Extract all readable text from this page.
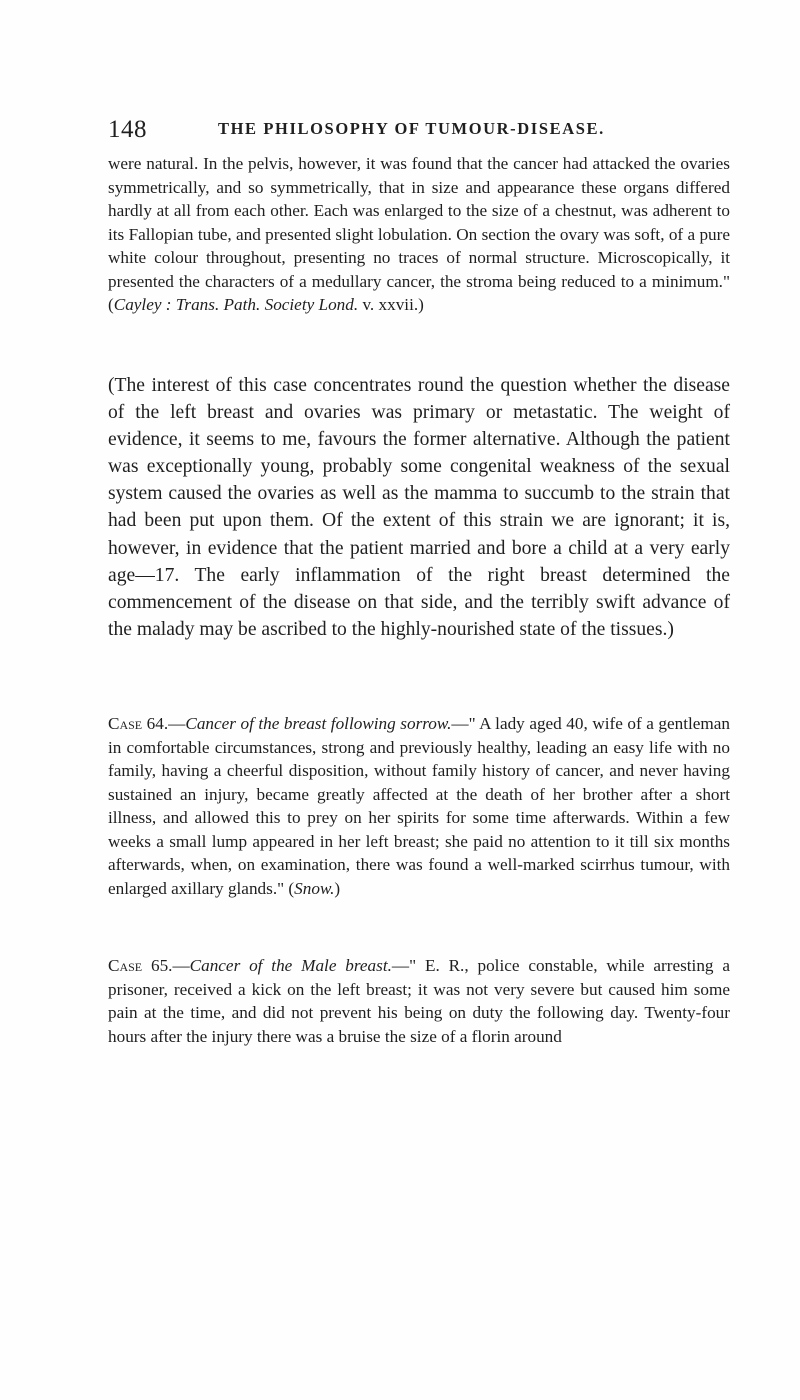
148	THE PHILOSOPHY OF TUMOUR-DISEASE.

were natural. In the pelvis, however, it was found that the cancer had attacked the ovaries symmetrically, and so symmetrically, that in size and appearance these organs differed hardly at all from each other. Each was enlarged to the size of a chestnut, was adherent to its Fallopian tube, and presented slight lobulation. On section the ovary was soft, of a pure white colour throughout, presenting no traces of normal structure. Microscopically, it presented the characters of a medullary cancer, the stroma being reduced to a minimum." (Cayley : Trans. Path. Society Lond. v. xxvii.)

(The interest of this case concentrates round the question whether the disease of the left breast and ovaries was primary or metastatic. The weight of evidence, it seems to me, favours the former alternative. Although the patient was exceptionally young, probably some congenital weakness of the sexual system caused the ovaries as well as the mamma to succumb to the strain that had been put upon them. Of the extent of this strain we are ignorant; it is, however, in evidence that the patient married and bore a child at a very early age—17. The early inflammation of the right breast determined the commencement of the disease on that side, and the terribly swift advance of the malady may be ascribed to the highly-nourished state of the tissues.)

Case 64.—Cancer of the breast following sorrow.—" A lady aged 40, wife of a gentleman in comfortable circumstances, strong and previously healthy, leading an easy life with no family, having a cheerful disposition, without family history of cancer, and never having sustained an injury, became greatly affected at the death of her brother after a short illness, and allowed this to prey on her spirits for some time afterwards. Within a few weeks a small lump appeared in her left breast; she paid no attention to it till six months afterwards, when, on examination, there was found a well-marked scirrhus tumour, with enlarged axillary glands." (Snow.)

Case 65.—Cancer of the Male breast.—" E. R., police constable, while arresting a prisoner, received a kick on the left breast; it was not very severe but caused him some pain at the time, and did not prevent his being on duty the following day. Twenty-four hours after the injury there was a bruise the size of a florin around
